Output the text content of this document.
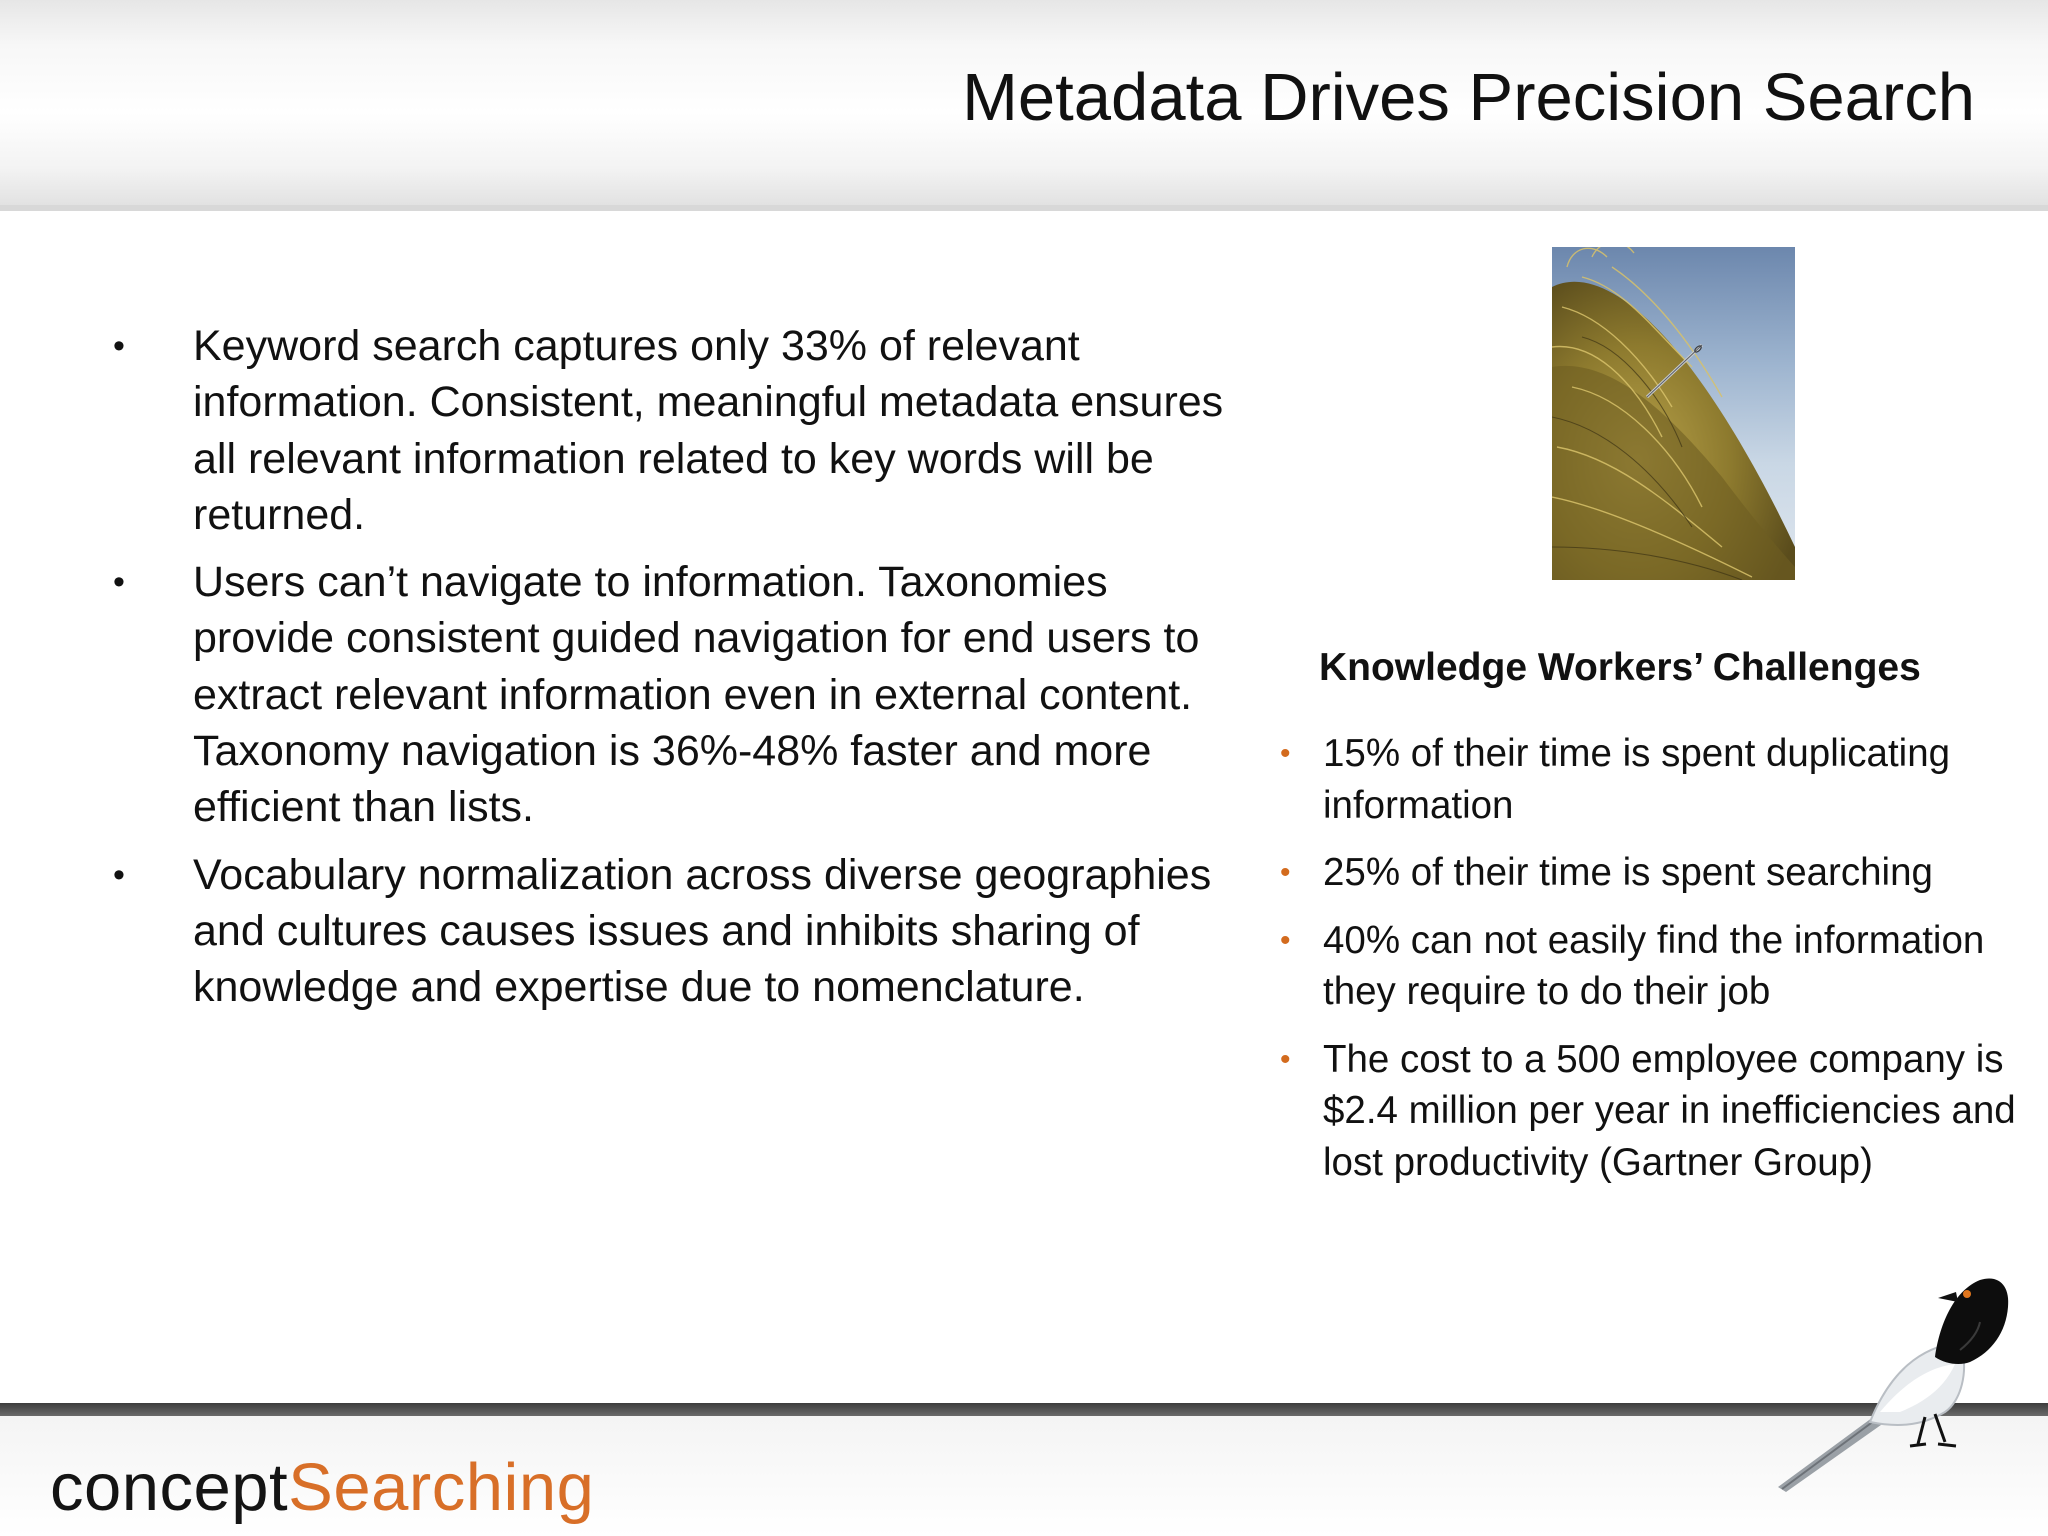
Metadata Drives Precision Search
• Keyword search captures only 33% of relevant information. Consistent, meaningful metadata ensures all relevant information related to key words will be returned.
• Users can’t navigate to information. Taxonomies provide consistent guided navigation for end users to extract relevant information even in external content. Taxonomy navigation is 36%-48% faster and more efficient than lists.
• Vocabulary normalization across diverse geographies and cultures causes issues and inhibits sharing of knowledge and expertise due to nomenclature.
Knowledge Workers’ Challenges
• 15% of their time is spent duplicating information
• 25% of their time is spent searching
• 40% can not easily find the information they require to do their job
• The cost to a 500 employee company is $2.4 million per year in inefficiencies and lost productivity (Gartner Group)
conceptSearching
